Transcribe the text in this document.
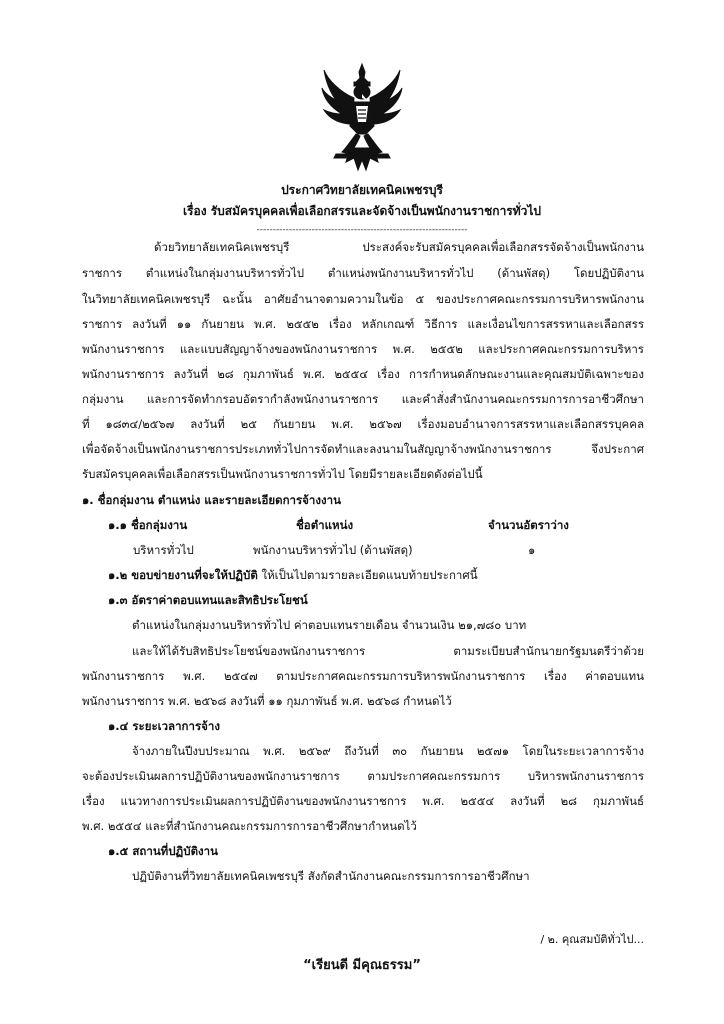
ประกาศวิทยาลัยเทคนิคเพชรบุรี
เรื่อง รับสมัครบุคคลเพื่อเลือกสรรและจัดจ้างเป็นพนักงานราชการทั่วไป
-----------------------------------------------------------------
ด้วยวิทยาลัยเทคนิคเพชรบุรี ประสงค์จะรับสมัครบุคคลเพื่อเลือกสรรจัดจ้างเป็นพนักงาน
ราชการ ตำแหน่งในกลุ่มงานบริหารทั่วไป ตำแหน่งพนักงานบริหารทั่วไป (ด้านพัสดุ) โดยปฏิบัติงาน
ในวิทยาลัยเทคนิคเพชรบุรี ฉะนั้น อาศัยอำนาจตามความในข้อ ๕ ของประกาศคณะกรรมการบริหารพนักงาน
ราชการ ลงวันที่ ๑๑ กันยายน พ.ศ. ๒๕๕๒ เรื่อง หลักเกณฑ์ วิธีการ และเงื่อนไขการสรรหาและเลือกสรร
พนักงานราชการ และแบบสัญญาจ้างของพนักงานราชการ พ.ศ. ๒๕๕๒ และประกาศคณะกรรมการบริหาร
พนักงานราชการ ลงวันที่ ๒๘ กุมภาพันธ์ พ.ศ. ๒๕๕๔ เรื่อง การกำหนดลักษณะงานและคุณสมบัติเฉพาะของ
กลุ่มงาน และการจัดทำกรอบอัตรากำลังพนักงานราชการ และคำสั่งสำนักงานคณะกรรมการการอาชีวศึกษา
ที่ ๑๘๓๔/๒๕๖๗ ลงวันที่ ๒๕ กันยายน พ.ศ. ๒๕๖๗ เรื่องมอบอำนาจการสรรหาและเลือกสรรบุคคล
เพื่อจัดจ้างเป็นพนักงานราชการประเภททั่วไปการจัดทำและลงนามในสัญญาจ้างพนักงานราชการ จึงประกาศ
รับสมัครบุคคลเพื่อเลือกสรรเป็นพนักงานราชการทั่วไป โดยมีรายละเอียดดังต่อไปนี้
๑. ชื่อกลุ่มงาน ตำแหน่ง และรายละเอียดการจ้างงาน
๑.๑ ชื่อกลุ่มงาน	ชื่อตำแหน่ง	จำนวนอัตราว่าง
บริหารทั่วไป	พนักงานบริหารทั่วไป (ด้านพัสดุ)	๑
๑.๒ ขอบข่ายงานที่จะให้ปฏิบัติ ให้เป็นไปตามรายละเอียดแนบท้ายประกาศนี้
๑.๓ อัตราค่าตอบแทนและสิทธิประโยชน์
ตำแหน่งในกลุ่มงานบริหารทั่วไป ค่าตอบแทนรายเดือน จำนวนเงิน ๒๑,๗๘๐ บาท
และให้ได้รับสิทธิประโยชน์ของพนักงานราชการ ตามระเบียบสำนักนายกรัฐมนตรีว่าด้วย
พนักงานราชการ พ.ศ. ๒๕๔๗ ตามประกาศคณะกรรมการบริหารพนักงานราชการ เรื่อง ค่าตอบแทน
พนักงานราชการ พ.ศ. ๒๕๖๘ ลงวันที่ ๑๑ กุมภาพันธ์ พ.ศ. ๒๕๖๘ กำหนดไว้
๑.๔ ระยะเวลาการจ้าง
จ้างภายในปีงบประมาณ พ.ศ. ๒๕๖๙ ถึงวันที่ ๓๐ กันยายน ๒๕๗๑ โดยในระยะเวลาการจ้าง
จะต้องประเมินผลการปฏิบัติงานของพนักงานราชการ ตามประกาศคณะกรรมการ บริหารพนักงานราชการ
เรื่อง แนวทางการประเมินผลการปฏิบัติงานของพนักงานราชการ พ.ศ. ๒๕๕๔ ลงวันที่ ๒๘ กุมภาพันธ์
พ.ศ. ๒๕๕๔ และที่สำนักงานคณะกรรมการการอาชีวศึกษากำหนดไว้
๑.๕ สถานที่ปฏิบัติงาน
ปฏิบัติงานที่วิทยาลัยเทคนิคเพชรบุรี สังกัดสำนักงานคณะกรรมการการอาชีวศึกษา
/ ๒. คุณสมบัติทั่วไป...
“เรียนดี มีคุณธรรม”
